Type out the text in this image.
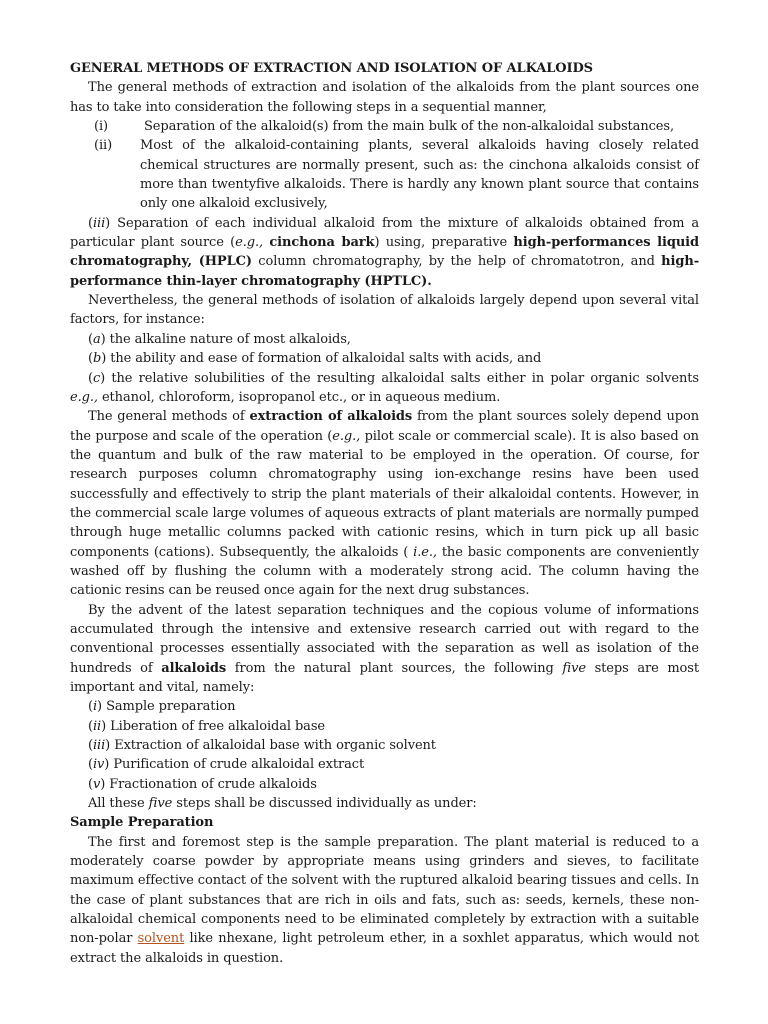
GENERAL METHODS OF EXTRACTION AND ISOLATION OF ALKALOIDS

The general methods of extraction and isolation of the alkaloids from the plant sources one has to take into consideration the following steps in a sequential manner,

(i)	Separation of the alkaloid(s) from the main bulk of the non-alkaloidal substances,

(ii) Most of the alkaloid-containing plants, several alkaloids having closely related chemical structures are normally present, such as: the cinchona alkaloids consist of more than twentyfive alkaloids. There is hardly any known plant source that contains only one alkaloid exclusively,

(iii) Separation of each individual alkaloid from the mixture of alkaloids obtained from a particular plant source (e.g., cinchona bark) using, preparative high-performances liquid chromatography, (HPLC) column chromatography, by the help of chromatotron, and high-performance thin-layer chromatography (HPTLC).

Nevertheless, the general methods of isolation of alkaloids largely depend upon several vital factors, for instance:

(a) the alkaline nature of most alkaloids,

(b) the ability and ease of formation of alkaloidal salts with acids, and

(c) the relative solubilities of the resulting alkaloidal salts either in polar organic solvents e.g., ethanol, chloroform, isopropanol etc., or in aqueous medium.

The general methods of extraction of alkaloids from the plant sources solely depend upon the purpose and scale of the operation (e.g., pilot scale or commercial scale). It is also based on the quantum and bulk of the raw material to be employed in the operation. Of course, for research purposes column chromatography using ion-exchange resins have been used successfully and effectively to strip the plant materials of their alkaloidal contents. However, in the commercial scale large volumes of aqueous extracts of plant materials are normally pumped through huge metallic columns packed with cationic resins, which in turn pick up all basic components (cations). Subsequently, the alkaloids ( i.e., the basic components are conveniently washed off by flushing the column with a moderately strong acid. The column having the cationic resins can be reused once again for the next drug substances.

By the advent of the latest separation techniques and the copious volume of informations accumulated through the intensive and extensive research carried out with regard to the conventional processes essentially associated with the separation as well as isolation of the hundreds of alkaloids from the natural plant sources, the following five steps are most important and vital, namely:

(i) Sample preparation

(ii) Liberation of free alkaloidal base

(iii) Extraction of alkaloidal base with organic solvent

(iv) Purification of crude alkaloidal extract

(v) Fractionation of crude alkaloids

All these five steps shall be discussed individually as under:

Sample Preparation

The first and foremost step is the sample preparation. The plant material is reduced to a moderately coarse powder by appropriate means using grinders and sieves, to facilitate maximum effective contact of the solvent with the ruptured alkaloid bearing tissues and cells. In the case of plant substances that are rich in oils and fats, such as: seeds, kernels, these non-alkaloidal chemical components need to be eliminated completely by extraction with a suitable non-polar solvent like nhexane, light petroleum ether, in a soxhlet apparatus, which would not extract the alkaloids in question.
